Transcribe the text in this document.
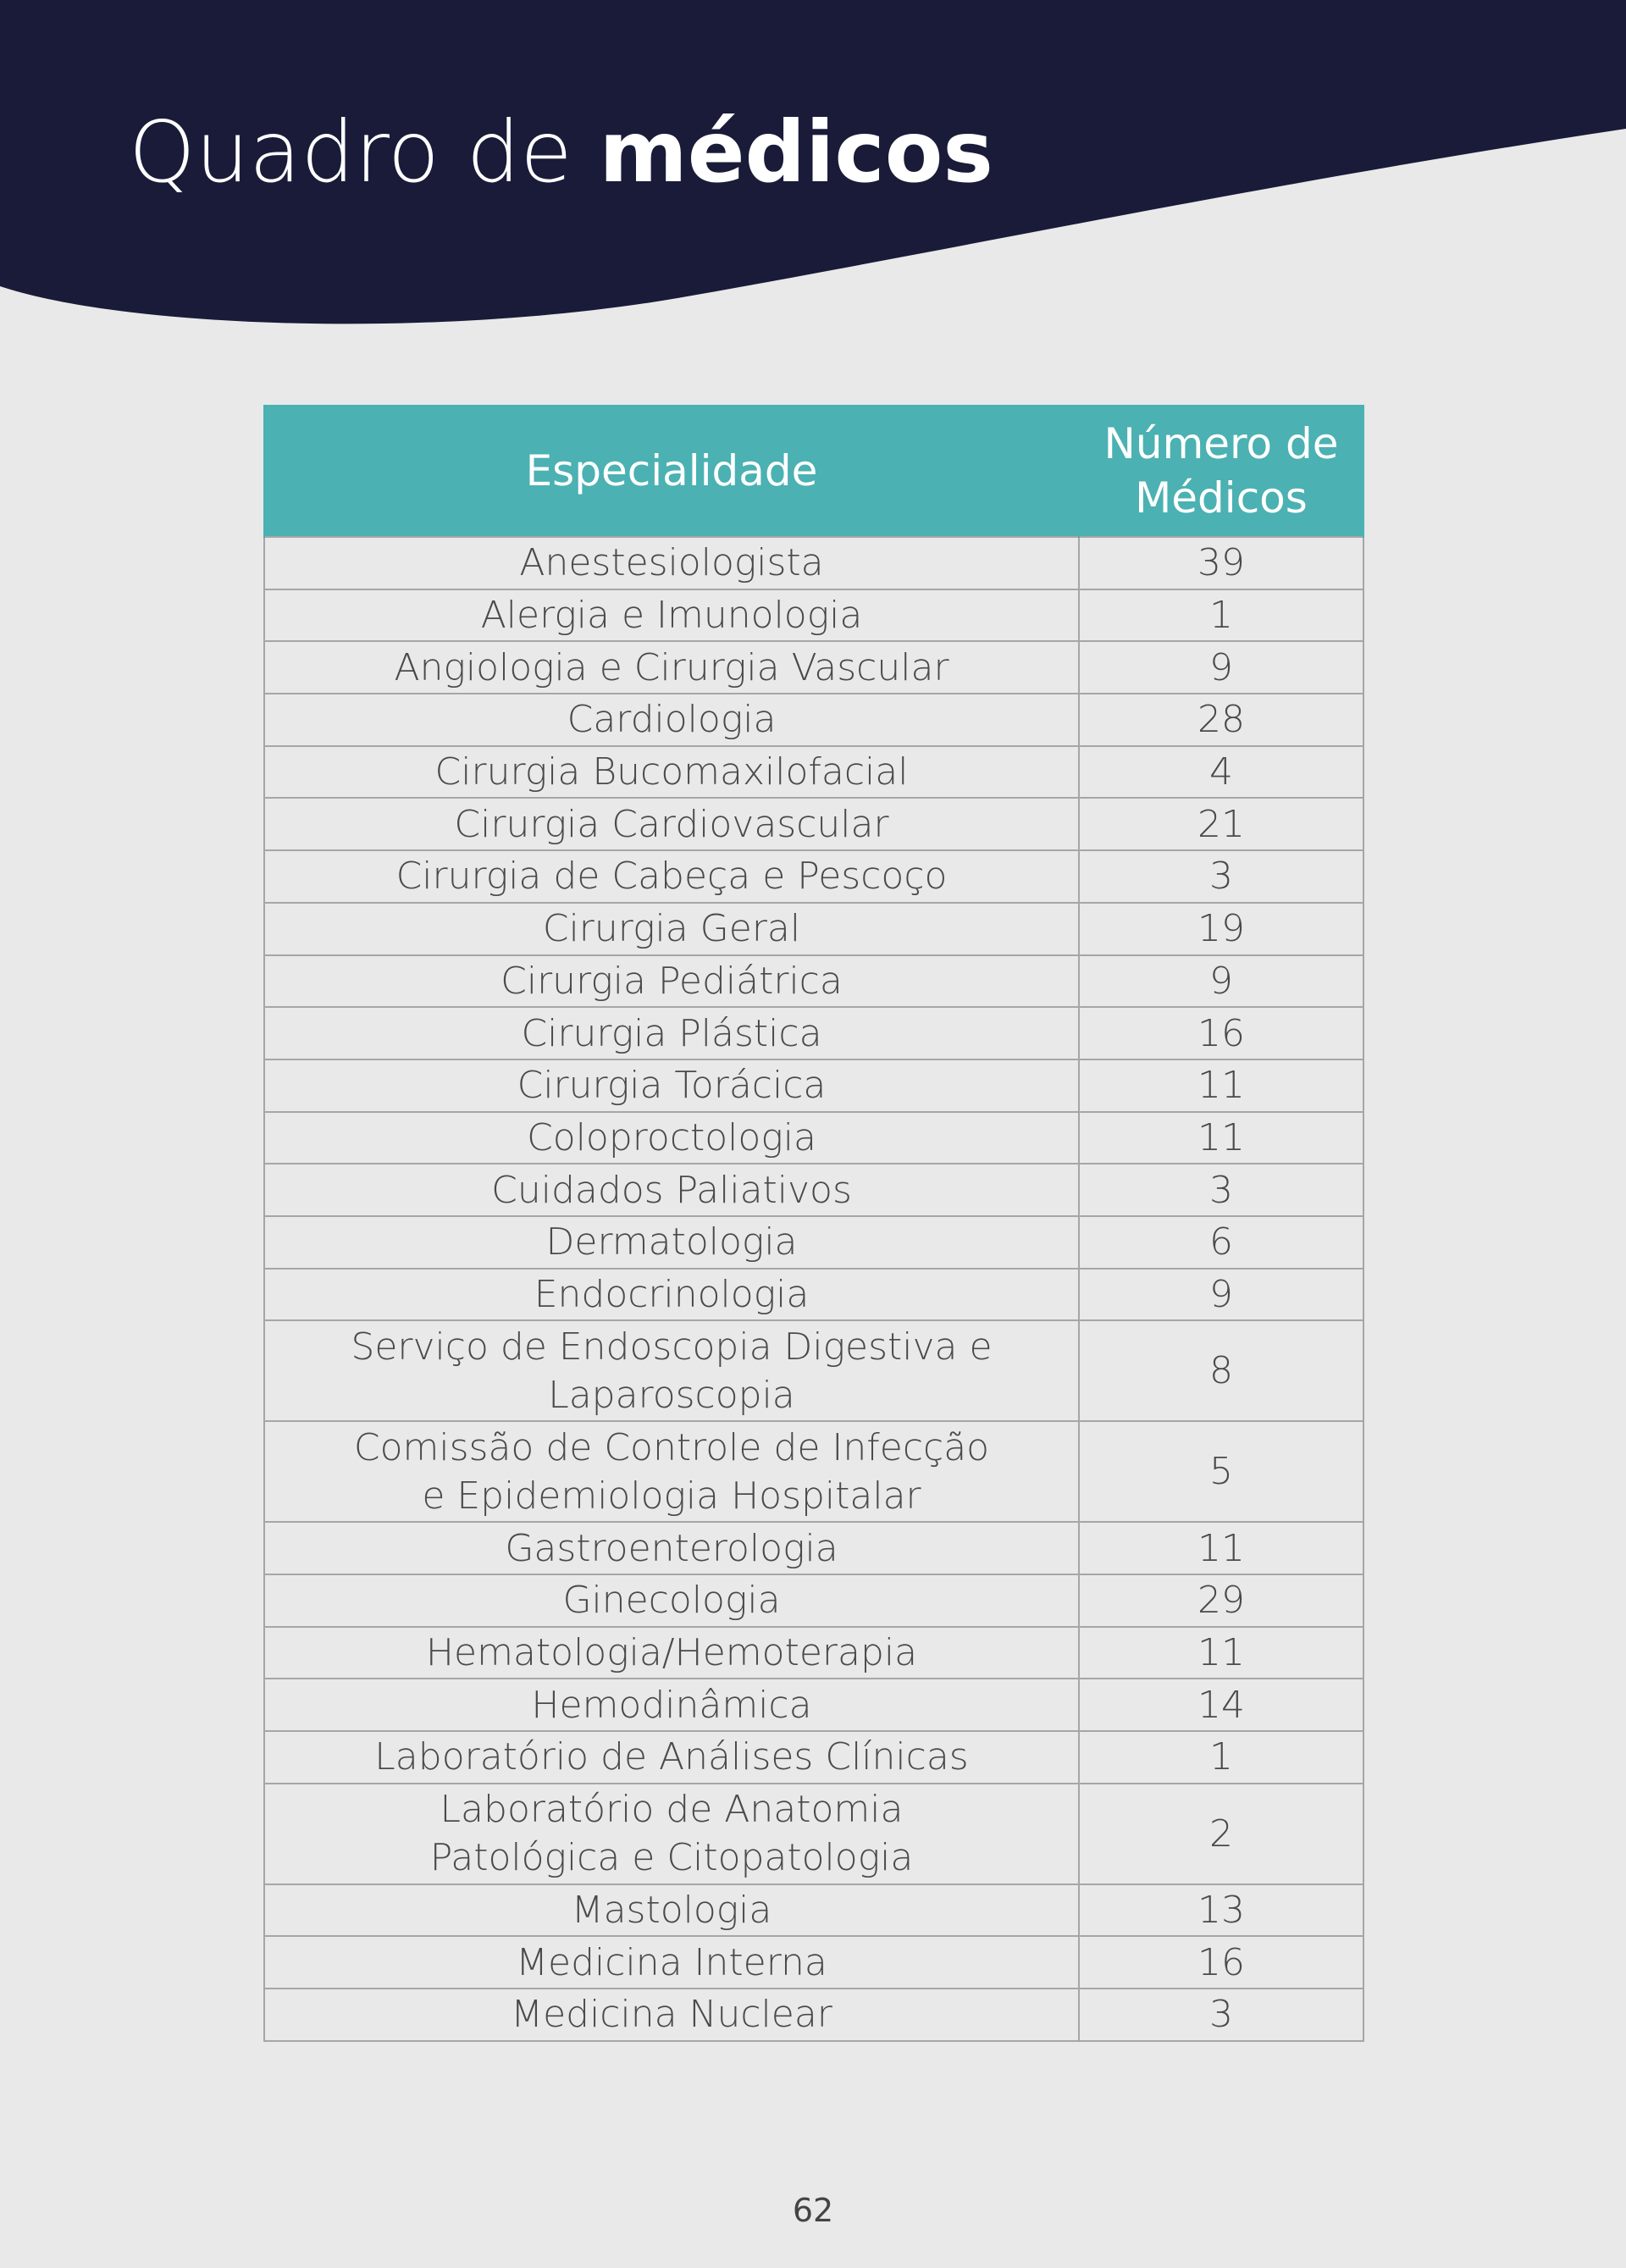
Quadro de médicos
Especialidade	Número de Médicos
Anestesiologista	39
Alergia e Imunologia	1
Angiologia e Cirurgia Vascular	9
Cardiologia	28
Cirurgia Bucomaxilofacial	4
Cirurgia Cardiovascular	21
Cirurgia de Cabeça e Pescoço	3
Cirurgia Geral	19
Cirurgia Pediátrica	9
Cirurgia Plástica	16
Cirurgia Torácica	11
Coloproctologia	11
Cuidados Paliativos	3
Dermatologia	6
Endocrinologia	9
Serviço de Endoscopia Digestiva e Laparoscopia	8
Comissão de Controle de Infecção e Epidemiologia Hospitalar	5
Gastroenterologia	11
Ginecologia	29
Hematologia/Hemoterapia	11
Hemodinâmica	14
Laboratório de Análises Clínicas	1
Laboratório de Anatomia Patológica e Citopatologia	2
Mastologia	13
Medicina Interna	16
Medicina Nuclear	3
62
